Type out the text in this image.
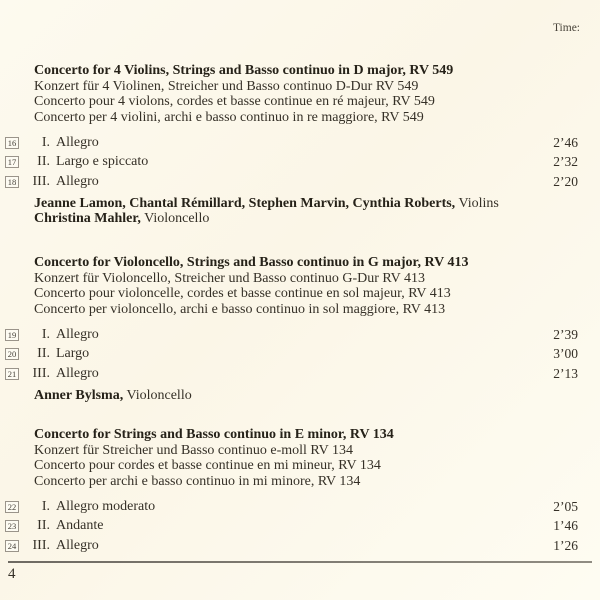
Time:
Concerto for 4 Violins, Strings and Basso continuo in D major, RV 549
Konzert für 4 Violinen, Streicher und Basso continuo D-Dur RV 549
Concerto pour 4 violons, cordes et basse continue en ré majeur, RV 549
Concerto per 4 violini, archi e basso continuo in re maggiore, RV 549
16	I. Allegro	2’46
17	II. Largo e spiccato	2’32
18	III. Allegro	2’20
Jeanne Lamon, Chantal Rémillard, Stephen Marvin, Cynthia Roberts, Violins
Christina Mahler, Violoncello
Concerto for Violoncello, Strings and Basso continuo in G major, RV 413
Konzert für Violoncello, Streicher und Basso continuo G-Dur RV 413
Concerto pour violoncelle, cordes et basse continue en sol majeur, RV 413
Concerto per violoncello, archi e basso continuo in sol maggiore, RV 413
19	I. Allegro	2’39
20	II. Largo	3’00
21	III. Allegro	2’13
Anner Bylsma, Violoncello
Concerto for Strings and Basso continuo in E minor, RV 134
Konzert für Streicher und Basso continuo e-moll RV 134
Concerto pour cordes et basse continue en mi mineur, RV 134
Concerto per archi e basso continuo in mi minore, RV 134
22	I. Allegro moderato	2’05
23	II. Andante	1’46
24	III. Allegro	1’26
4
